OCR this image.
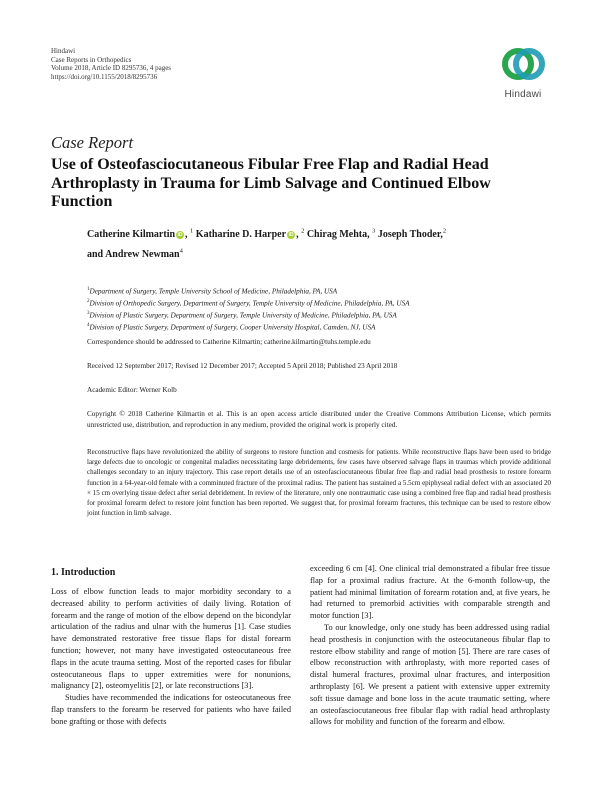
Hindawi
Case Reports in Orthopedics
Volume 2018, Article ID 8295736, 4 pages
https://doi.org/10.1155/2018/8295736
Hindawi
Case Report
Use of Osteofasciocutaneous Fibular Free Flap and Radial Head Arthroplasty in Trauma for Limb Salvage and Continued Elbow Function
Catherine Kilmartin iD , $^1$ Katharine D. Harper iD , $^2$ Chirag Mehta, $^3$ Joseph Thoder,$^2$
and Andrew Newman$^4$
$^1$Department of Surgery, Temple University School of Medicine, Philadelphia, PA, USA
$^2$Division of Orthopedic Surgery, Department of Surgery, Temple University of Medicine, Philadelphia, PA, USA
$^3$Division of Plastic Surgery, Department of Surgery, Temple University of Medicine, Philadelphia, PA, USA
$^4$Division of Plastic Surgery, Department of Surgery, Cooper University Hospital, Camden, NJ, USA
Correspondence should be addressed to Catherine Kilmartin; catherine.kilmartin@tuhs.temple.edu
Received 12 September 2017; Revised 12 December 2017; Accepted 5 April 2018; Published 23 April 2018
Academic Editor: Werner Kolb
Copyright © 2018 Catherine Kilmartin et al. This is an open access article distributed under the Creative Commons Attribution License, which permits unrestricted use, distribution, and reproduction in any medium, provided the original work is properly cited.
Reconstructive flaps have revolutionized the ability of surgeons to restore function and cosmesis for patients. While reconstructive flaps have been used to bridge large defects due to oncologic or congenital maladies necessitating large debridements, few cases have observed salvage flaps in traumas which provide additional challenges secondary to an injury trajectory. This case report details use of an osteofasciocutaneous fibular free flap and radial head prosthesis to restore forearm function in a 64-year-old female with a comminuted fracture of the proximal radius. The patient has sustained a 5.5cm epiphyseal radial defect with an associated 20 × 15 cm overlying tissue defect after serial debridement. In review of the literature, only one nontraumatic case using a combined free flap and radial head prosthesis for proximal forearm defect to restore joint function has been reported. We suggest that, for proximal forearm fractures, this technique can be used to restore elbow joint function in limb salvage.
1. Introduction

Loss of elbow function leads to major morbidity secondary to a decreased ability to perform activities of daily living. Rotation of forearm and the range of motion of the elbow depend on the bicondylar articulation of the radius and ulnar with the humerus [1]. Case studies have demonstrated restorative free tissue flaps for distal forearm function; however, not many have investigated osteocutaneous free flaps in the acute trauma setting. Most of the reported cases for fibular osteocutaneous flaps to upper extremities were for nonunions, malignancy [2], osteomyelitis [2], or late reconstructions [3].

Studies have recommended the indications for osteocutaneous free flap transfers to the forearm be reserved for patients who have failed bone grafting or those with defects

exceeding 6 cm [4]. One clinical trial demonstrated a fibular free tissue flap for a proximal radius fracture. At the 6-month follow-up, the patient had minimal limitation of forearm rotation and, at five years, he had returned to premorbid activities with comparable strength and motor function [3].

To our knowledge, only one study has been addressed using radial head prosthesis in conjunction with the osteocutaneous fibular flap to restore elbow stability and range of motion [5]. There are rare cases of elbow reconstruction with arthroplasty, with more reported cases of distal humeral fractures, proximal ulnar fractures, and interposition arthroplasty [6]. We present a patient with extensive upper extremity soft tissue damage and bone loss in the acute traumatic setting, where an osteofasciocutaneous free fibular flap with radial head arthroplasty allows for mobility and function of the forearm and elbow.
